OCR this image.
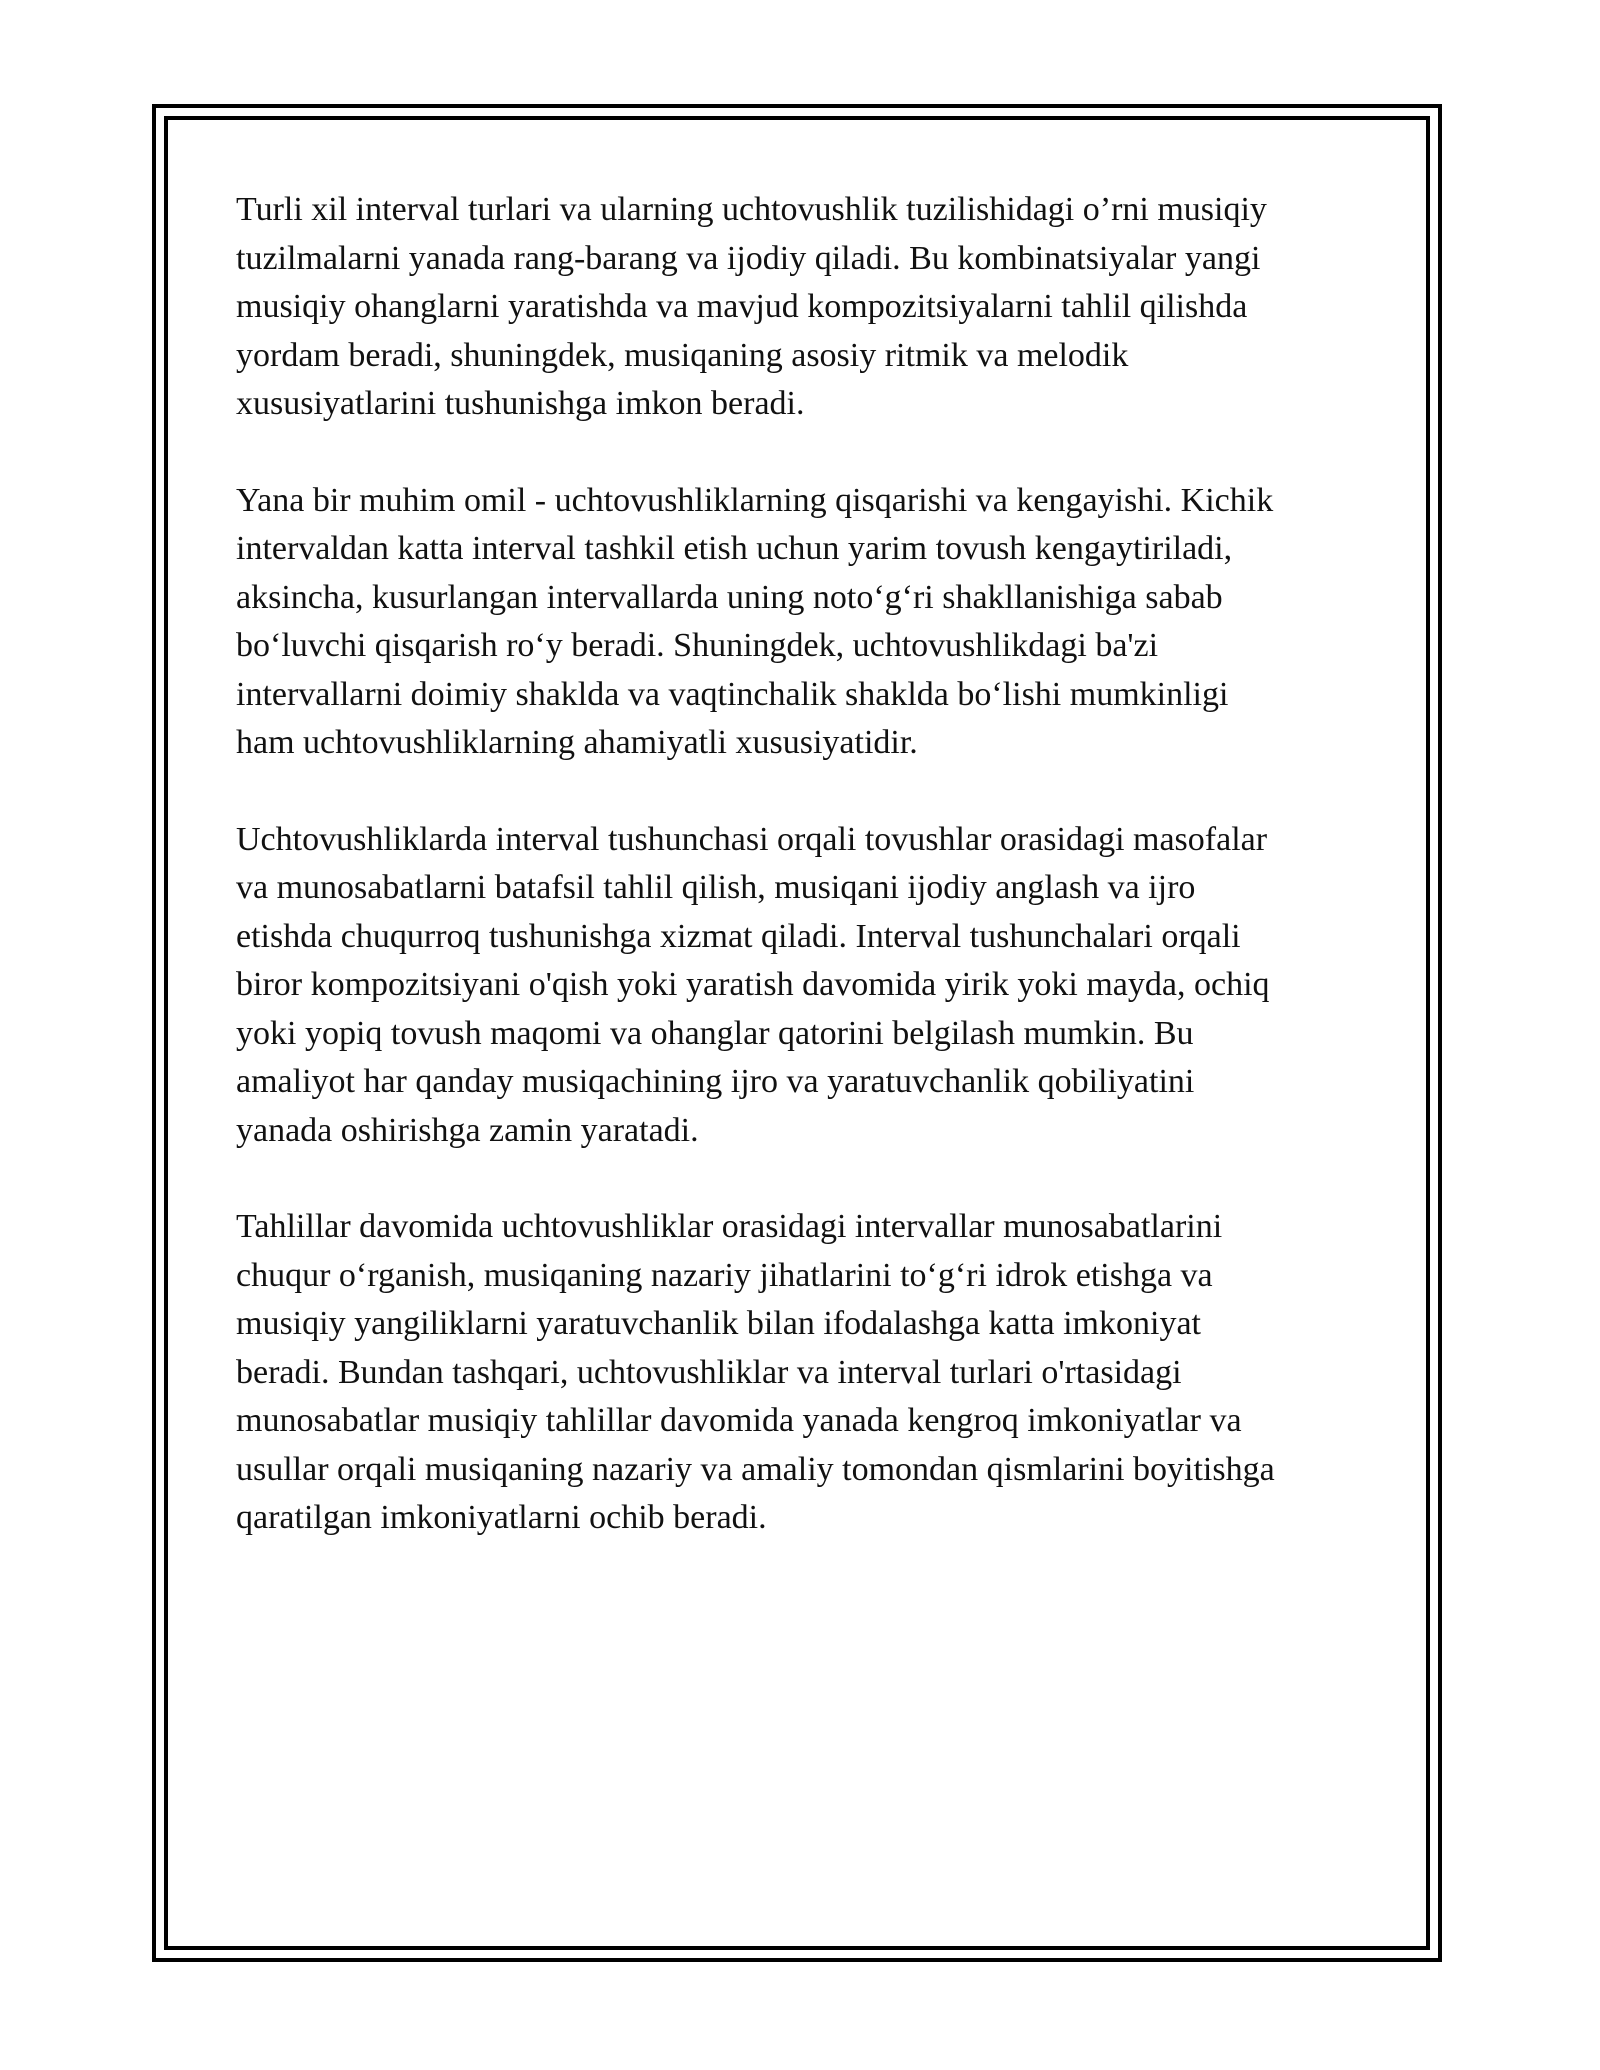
Turli xil interval turlari va ularning uchtovushlik tuzilishidagi o’rni musiqiy
tuzilmalarni yanada rang-barang va ijodiy qiladi. Bu kombinatsiyalar yangi
musiqiy ohanglarni yaratishda va mavjud kompozitsiyalarni tahlil qilishda
yordam beradi, shuningdek, musiqaning asosiy ritmik va melodik
xususiyatlarini tushunishga imkon beradi.

Yana bir muhim omil - uchtovushliklarning qisqarishi va kengayishi. Kichik
intervaldan katta interval tashkil etish uchun yarim tovush kengaytiriladi,
aksincha, kusurlangan intervallarda uning noto‘g‘ri shakllanishiga sabab
bo‘luvchi qisqarish ro‘y beradi. Shuningdek, uchtovushlikdagi ba'zi
intervallarni doimiy shaklda va vaqtinchalik shaklda bo‘lishi mumkinligi
ham uchtovushliklarning ahamiyatli xususiyatidir.

Uchtovushliklarda interval tushunchasi orqali tovushlar orasidagi masofalar
va munosabatlarni batafsil tahlil qilish, musiqani ijodiy anglash va ijro
etishda chuqurroq tushunishga xizmat qiladi. Interval tushunchalari orqali
biror kompozitsiyani o'qish yoki yaratish davomida yirik yoki mayda, ochiq
yoki yopiq tovush maqomi va ohanglar qatorini belgilash mumkin. Bu
amaliyot har qanday musiqachining ijro va yaratuvchanlik qobiliyatini
yanada oshirishga zamin yaratadi.

Tahlillar davomida uchtovushliklar orasidagi intervallar munosabatlarini
chuqur o‘rganish, musiqaning nazariy jihatlarini to‘g‘ri idrok etishga va
musiqiy yangiliklarni yaratuvchanlik bilan ifodalashga katta imkoniyat
beradi. Bundan tashqari, uchtovushliklar va interval turlari o'rtasidagi
munosabatlar musiqiy tahlillar davomida yanada kengroq imkoniyatlar va
usullar orqali musiqaning nazariy va amaliy tomondan qismlarini boyitishga
qaratilgan imkoniyatlarni ochib beradi.
